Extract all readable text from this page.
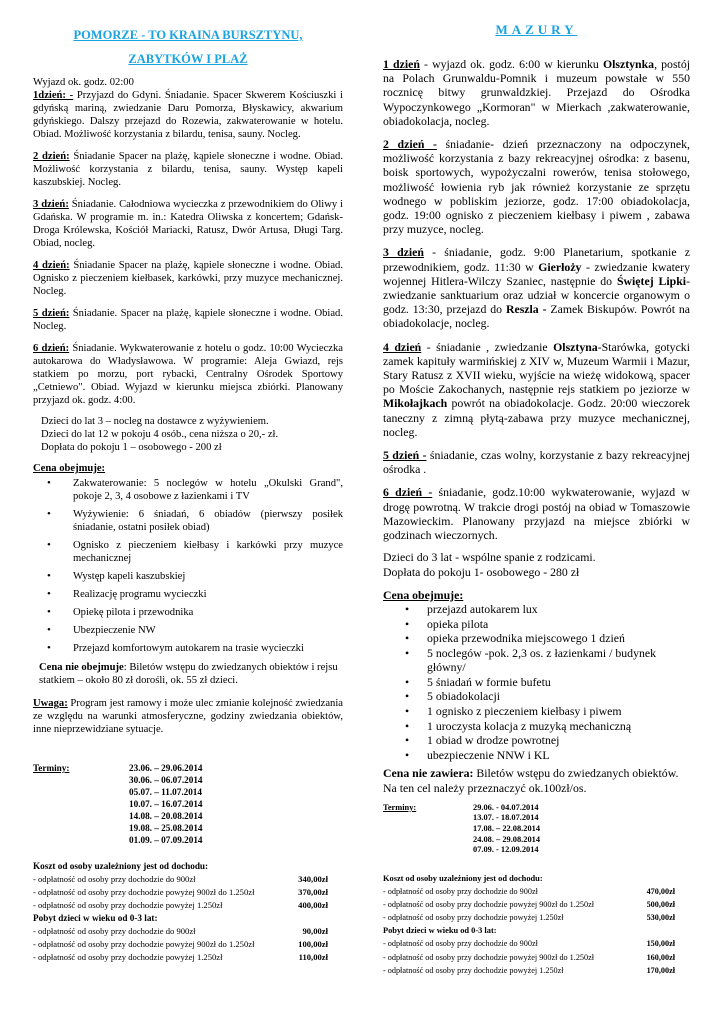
POMORZE - TO KRAINA BURSZTYNU,

ZABYTKÓW I PLAŻ

Wyjazd ok. godz. 02:00

1dzień: - Przyjazd do Gdyni. Śniadanie. Spacer Skwerem Kościuszki i gdyńską mariną, zwiedzanie Daru Pomorza, Błyskawicy, akwarium gdyńskiego. Dalszy przejazd do Rozewia, zakwaterowanie w hotelu. Obiad. Możliwość korzystania z bilardu, tenisa, sauny. Nocleg.

2 dzień: Śniadanie Spacer na plażę, kąpiele słoneczne i wodne. Obiad. Możliwość korzystania z bilardu, tenisa, sauny. Występ kapeli kaszubskiej. Nocleg.

3 dzień: Śniadanie. Całodniowa wycieczka z przewodnikiem do Oliwy i Gdańska. W programie m. in.: Katedra Oliwska z koncertem; Gdańsk-Droga Królewska, Kościół Mariacki, Ratusz, Dwór Artusa, Długi Targ. Obiad, nocleg.

4 dzień: Śniadanie Spacer na plażę, kąpiele słoneczne i wodne. Obiad. Ognisko z pieczeniem kiełbasek, karkówki, przy muzyce mechanicznej. Nocleg.

5 dzień: Śniadanie. Spacer na plażę, kąpiele słoneczne i wodne. Obiad. Nocleg.

6 dzień: Śniadanie. Wykwaterowanie z hotelu o godz. 10:00 Wycieczka autokarowa do Władysławowa. W programie: Aleja Gwiazd, rejs statkiem po morzu, port rybacki, Centralny Ośrodek Sportowy „Cetniewo". Obiad. Wyjazd w kierunku miejsca zbiórki. Planowany przyjazd ok. godz. 4:00.

Dzieci do lat 3 – nocleg na dostawce z wyżywieniem.

Dzieci do lat 12 w pokoju 4 osób., cena niższa o 20,- zł.

Dopłata do pokoju 1 – osobowego - 200 zł

Cena obejmuje:

• Zakwaterowanie: 5 noclegów w hotelu „Okulski Grand", pokoje 2, 3, 4 osobowe z łazienkami i TV
• Wyżywienie: 6 śniadań, 6 obiadów (pierwszy posiłek śniadanie, ostatni posiłek obiad)
• Ognisko z pieczeniem kiełbasy i karkówki przy muzyce mechanicznej
• Występ kapeli kaszubskiej
• Realizację programu wycieczki
• Opiekę pilota i przewodnika
• Ubezpieczenie NW
• Przejazd komfortowym autokarem na trasie wycieczki

Cena nie obejmuje: Biletów wstępu do zwiedzanych obiektów i rejsu statkiem – około 80 zł dorośli, ok. 55 zł dzieci.

Uwaga: Program jest ramowy i może ulec zmianie kolejność zwiedzania ze względu na warunki atmosferyczne, godziny zwiedzania obiektów, inne nieprzewidziane sytuacje.

Terminy:	23.06. – 29.06.2014
30.06. – 06.07.2014
05.07. – 11.07.2014
10.07. – 16.07.2014
14.08. – 20.08.2014
19.08. – 25.08.2014
01.09. – 07.09.2014
Koszt od osoby uzależniony jest od dochodu:
- odpłatność od osoby przy dochodzie do 900zł	340,00zł
- odpłatność od osoby przy dochodzie powyżej 900zł do 1.250zł	370,00zł
- odpłatność od osoby przy dochodzie powyżej 1.250zł	400,00zł
Pobyt dzieci w wieku od 0-3 lat:
- odpłatność od osoby przy dochodzie do 900zł	90,00zł
- odpłatność od osoby przy dochodzie powyżej 900zł do 1.250zł	100,00zł
- odpłatność od osoby przy dochodzie powyżej 1.250zł	110,00zł

MAZURY

1 dzień - wyjazd ok. godz. 6:00 w kierunku Olsztynka, postój na Polach Grunwaldu-Pomnik i muzeum powstałe w 550 rocznicę bitwy grunwaldzkiej. Przejazd do Ośrodka Wypoczynkowego „Kormoran" w Mierkach ,zakwaterowanie, obiadokolacja, nocleg.

2 dzień - śniadanie- dzień przeznaczony na odpoczynek, możliwość korzystania z bazy rekreacyjnej ośrodka: z basenu, boisk sportowych, wypożyczalni rowerów, tenisa stołowego, możliwość łowienia ryb jak również korzystanie ze sprzętu wodnego w pobliskim jeziorze, godz. 17:00 obiadokolacja, godz. 19:00 ognisko z pieczeniem kiełbasy i piwem , zabawa przy muzyce, nocleg.

3 dzień - śniadanie, godz. 9:00 Planetarium, spotkanie z przewodnikiem, godz. 11:30 w Gierłoży - zwiedzanie kwatery wojennej Hitlera-Wilczy Szaniec, następnie do Świętej Lipki-zwiedzanie sanktuarium oraz udział w koncercie organowym o godz. 13:30, przejazd do Reszla - Zamek Biskupów. Powrót na obiadokolacje, nocleg.

4 dzień - śniadanie , zwiedzanie Olsztyna-Starówka, gotycki zamek kapituły warmińskiej z XIV w, Muzeum Warmii i Mazur, Stary Ratusz z XVII wieku, wyjście na wieżę widokową, spacer po Moście Zakochanych, następnie rejs statkiem po jeziorze w Mikołajkach powrót na obiadokolacje. Godz. 20:00 wieczorek taneczny z zimną płytą-zabawa przy muzyce mechanicznej, nocleg.

5 dzień - śniadanie, czas wolny, korzystanie z bazy rekreacyjnej ośrodka .

6 dzień - śniadanie, godz.10:00 wykwaterowanie, wyjazd w drogę powrotną. W trakcie drogi postój na obiad w Tomaszowie Mazowieckim. Planowany przyjazd na miejsce zbiórki w godzinach wieczornych.

Dzieci do 3 lat - wspólne spanie z rodzicami.

Dopłata do pokoju 1- osobowego - 280 zł

Cena obejmuje:

• przejazd autokarem lux
• opieka pilota
• opieka przewodnika miejscowego 1 dzień
• 5 noclegów -pok. 2,3 os. z łazienkami / budynek główny/
• 5 śniadań w formie bufetu
• 5 obiadokolacji
• 1 ognisko z pieczeniem kiełbasy i piwem
• 1 uroczysta kolacja z muzyką mechaniczną
• 1 obiad w drodze powrotnej
• ubezpieczenie NNW i KL

Cena nie zawiera: Biletów wstępu do zwiedzanych obiektów. Na ten cel należy przeznaczyć ok.100zł/os.

Terminy:	29.06. - 04.07.2014
13.07. - 18.07.2014
17.08. – 22.08.2014
24.08. – 29.08.2014
07.09. - 12.09.2014
Koszt od osoby uzależniony jest od dochodu:
- odpłatność od osoby przy dochodzie do 900zł	470,00zł
- odpłatność od osoby przy dochodzie powyżej 900zł do 1.250zł	500,00zł
- odpłatność od osoby przy dochodzie powyżej 1.250zł	530,00zł
Pobyt dzieci w wieku od 0-3 lat:
- odpłatność od osoby przy dochodzie do 900zł	150,00zł
- odpłatność od osoby przy dochodzie powyżej 900zł do 1.250zł	160,00zł
- odpłatność od osoby przy dochodzie powyżej 1.250zł	170,00zł
